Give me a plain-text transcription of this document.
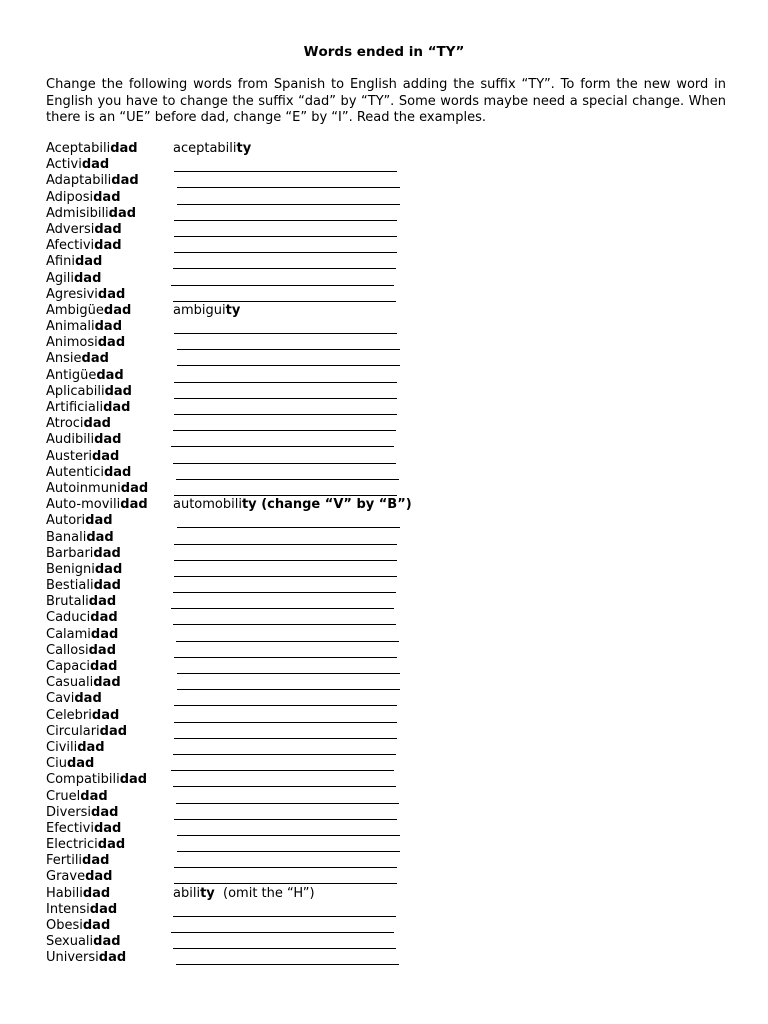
Words ended in “TY”
Change the following words from Spanish to English adding the suffix “TY”. To form the new word in English you have to change the suffix “dad” by “TY”. Some words maybe need a special change. When there is an “UE” before dad, change “E” by “I”. Read the examples.
Aceptabilidad	aceptability
Actividad
Adaptabilidad
Adiposidad
Admisibilidad
Adversidad
Afectividad
Afinidad
Agilidad
Agresividad
Ambigüedad	ambiguity
Animalidad
Animosidad
Ansiedad
Antigüedad
Aplicabilidad
Artificialidad
Atrocidad
Audibilidad
Austeridad
Autenticidad
Autoinmunidad
Auto-movilidad automobility (change “V” by “B”)
Autoridad
Banalidad
Barbaridad
Benignidad
Bestialidad
Brutalidad
Caducidad
Calamidad
Callosidad
Capacidad
Casualidad
Cavidad
Celebridad
Circularidad
Civilidad
Ciudad
Compatibilidad
Crueldad
Diversidad
Efectividad
Electricidad
Fertilidad
Gravedad
Habilidad	ability  (omit the “H”)
Intensidad
Obesidad
Sexualidad
Universidad
